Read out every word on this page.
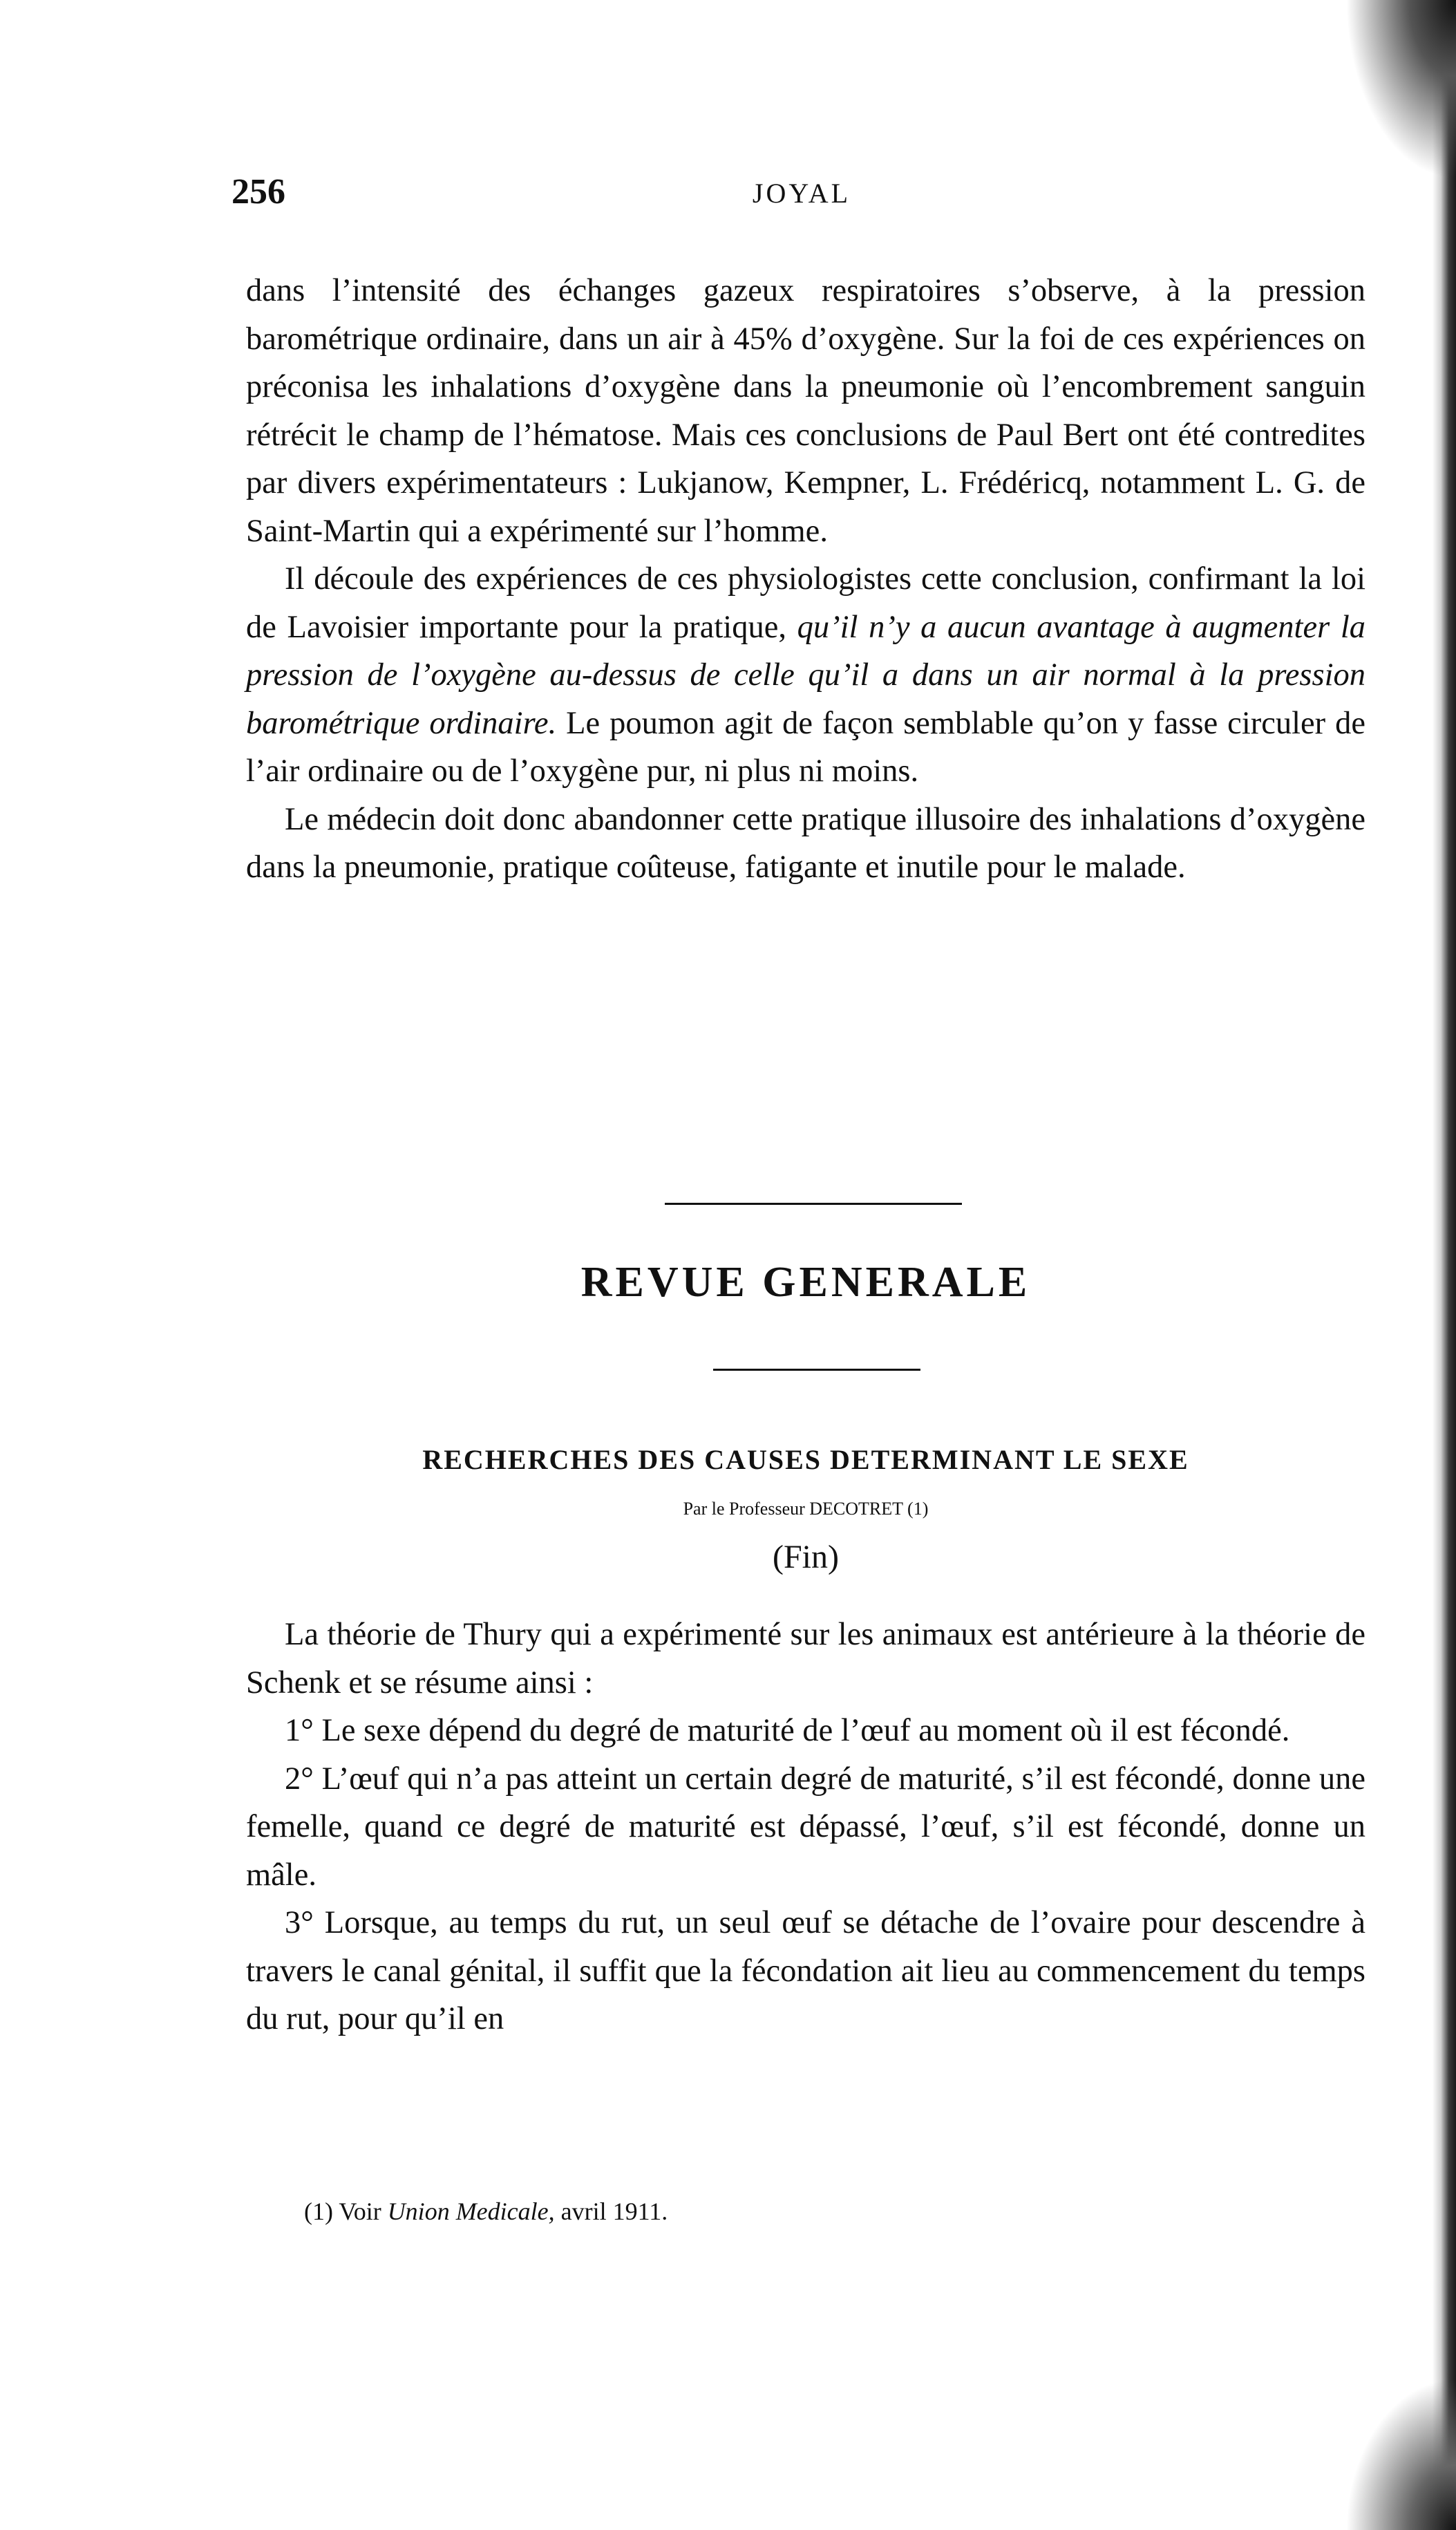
256	JOYAL

dans l’intensité des échanges gazeux respiratoires s’observe, à la pression barométrique ordinaire, dans un air à 45% d’oxygène. Sur la foi de ces expériences on préconisa les inhalations d’oxygène dans la pneumonie où l’encombrement sanguin rétrécit le champ de l’hématose. Mais ces conclusions de Paul Bert ont été contredites par divers expérimentateurs : Lukjanow, Kempner, L. Frédéricq, notamment L. G. de Saint-Martin qui a expérimenté sur l’homme.

Il découle des expériences de ces physiologistes cette conclusion, confirmant la loi de Lavoisier importante pour la pratique, qu’il n’y a aucun avantage à augmenter la pression de l’oxygène au-dessus de celle qu’il a dans un air normal à la pression barométrique ordinaire. Le poumon agit de façon semblable qu’on y fasse circuler de l’air ordinaire ou de l’oxygène pur, ni plus ni moins.

Le médecin doit donc abandonner cette pratique illusoire des inhalations d’oxygène dans la pneumonie, pratique coûteuse, fatigante et inutile pour le malade.

REVUE GENERALE
RECHERCHES DES CAUSES DETERMINANT LE SEXE
Par le Professeur DECOTRET (1)
(Fin)

La théorie de Thury qui a expérimenté sur les animaux est antérieure à la théorie de Schenk et se résume ainsi :

1° Le sexe dépend du degré de maturité de l’œuf au moment où il est fécondé.

2° L’œuf qui n’a pas atteint un certain degré de maturité, s’il est fécondé, donne une femelle, quand ce degré de maturité est dépassé, l’œuf, s’il est fécondé, donne un mâle.

3° Lorsque, au temps du rut, un seul œuf se détache de l’ovaire pour descendre à travers le canal génital, il suffit que la fécondation ait lieu au commencement du temps du rut, pour qu’il en

(1) Voir Union Medicale, avril 1911.
